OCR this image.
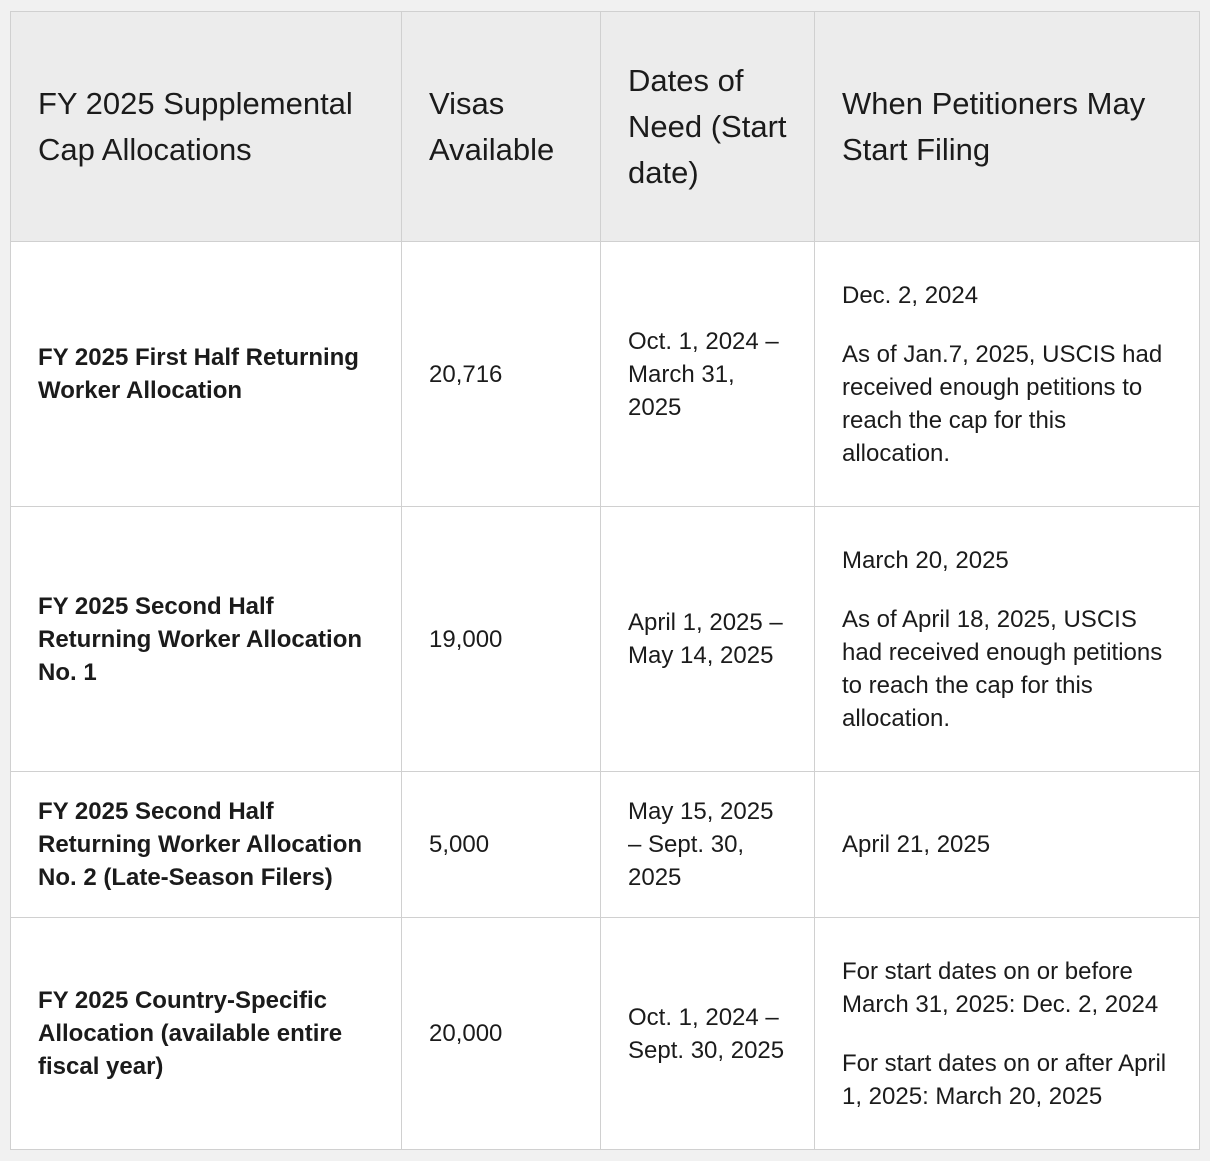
FY 2025 Supplemental Cap Allocations	Visas Available	Dates of Need (Start date)	When Petitioners May Start Filing
FY 2025 First Half Returning Worker Allocation	20,716	Oct. 1, 2024 – March 31, 2025	Dec. 2, 2024

As of Jan.7, 2025, USCIS had received enough petitions to reach the cap for this allocation.

FY 2025 Second Half Returning Worker Allocation No. 1	19,000	April 1, 2025 – May 14, 2025	March 20, 2025

As of April 18, 2025, USCIS had received enough petitions to reach the cap for this allocation.

FY 2025 Second Half Returning Worker Allocation No. 2 (Late-Season Filers)	5,000	May 15, 2025 – Sept. 30, 2025	April 21, 2025

FY 2025 Country-Specific Allocation (available entire fiscal year)	20,000	Oct. 1, 2024 – Sept. 30, 2025	For start dates on or before March 31, 2025: Dec. 2, 2024

For start dates on or after April 1, 2025: March 20, 2025
